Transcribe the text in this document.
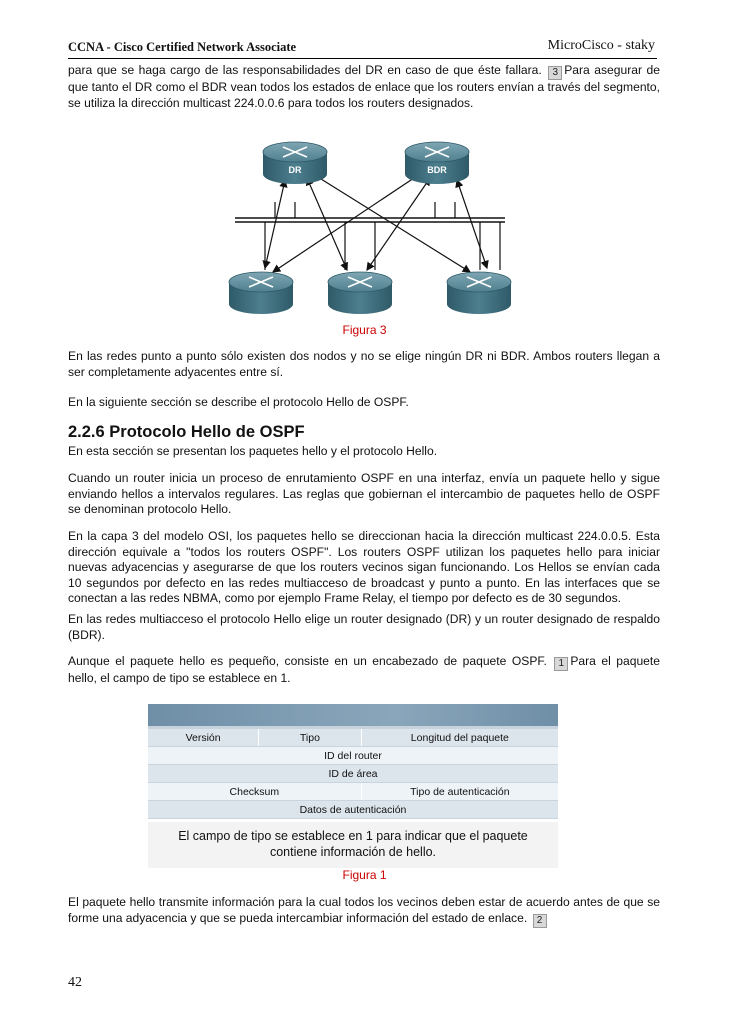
CCNA - Cisco Certified Network Associate	MicroCisco - staky

para que se haga cargo de las responsabilidades del DR en caso de que éste fallara. 3 Para asegurar de que tanto el DR como el BDR vean todos los estados de enlace que los routers envían a través del segmento, se utiliza la dirección multicast 224.0.0.6 para todos los routers designados.

DR	BDR
Figura 3

En las redes punto a punto sólo existen dos nodos y no se elige ningún DR ni BDR. Ambos routers llegan a ser completamente adyacentes entre sí.

En la siguiente sección se describe el protocolo Hello de OSPF.

2.2.6 Protocolo Hello de OSPF

En esta sección se presentan los paquetes hello y el protocolo Hello.

Cuando un router inicia un proceso de enrutamiento OSPF en una interfaz, envía un paquete hello y sigue enviando hellos a intervalos regulares. Las reglas que gobiernan el intercambio de paquetes hello de OSPF se denominan protocolo Hello.

En la capa 3 del modelo OSI, los paquetes hello se direccionan hacia la dirección multicast 224.0.0.5. Esta dirección equivale a "todos los routers OSPF". Los routers OSPF utilizan los paquetes hello para iniciar nuevas adyacencias y asegurarse de que los routers vecinos sigan funcionando. Los Hellos se envían cada 10 segundos por defecto en las redes multiacceso de broadcast y punto a punto. En las interfaces que se conectan a las redes NBMA, como por ejemplo Frame Relay, el tiempo por defecto es de 30 segundos.

En las redes multiacceso el protocolo Hello elige un router designado (DR) y un router designado de respaldo (BDR).

Aunque el paquete hello es pequeño, consiste en un encabezado de paquete OSPF. 1 Para el paquete hello, el campo de tipo se establece en 1.

Versión	Tipo	Longitud del paquete
ID del router		
ID de área		
Checksum		Tipo de autenticación
Datos de autenticación		
El campo de tipo se establece en 1 para indicar que el paquete
contiene información de hello.
Figura 1

El paquete hello transmite información para la cual todos los vecinos deben estar de acuerdo antes de que se forme una adyacencia y que se pueda intercambiar información del estado de enlace. 2

42
